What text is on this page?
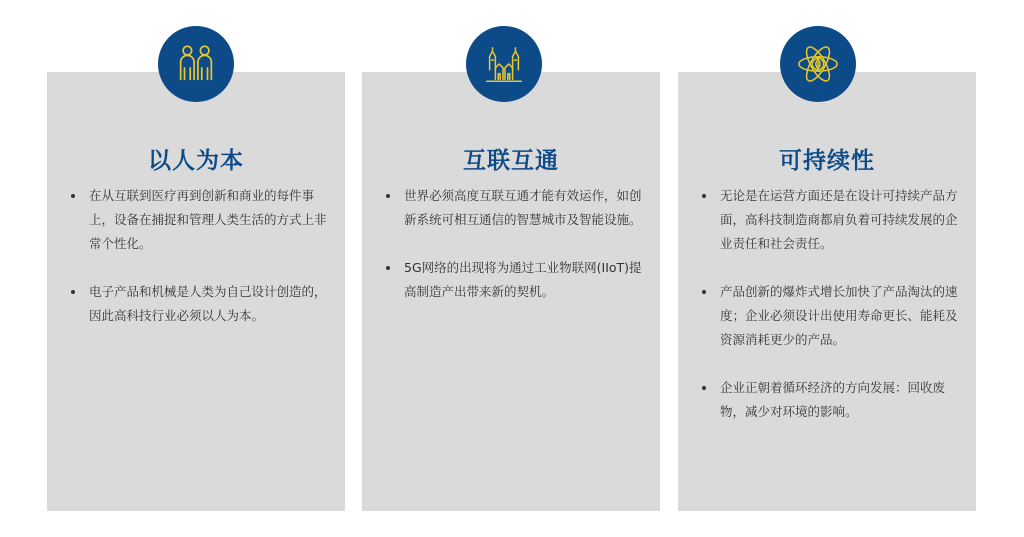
以人为本
在从互联到医疗再到创新和商业的每件事上，设备在捕捉和管理人类生活的方式上非常个性化。
电子产品和机械是人类为自己设计创造的，因此高科技行业必须以人为本。
互联互通
世界必须高度互联互通才能有效运作，如创新系统可相互通信的智慧城市及智能设施。
5G网络的出现将为通过工业物联网(IIoT)提高制造产出带来新的契机。
可持续性
无论是在运营方面还是在设计可持续产品方面，高科技制造商都肩负着可持续发展的企业责任和社会责任。
产品创新的爆炸式增长加快了产品淘汰的速度；企业必须设计出使用寿命更长、能耗及资源消耗更少的产品。
企业正朝着循环经济的方向发展：回收废物，减少对环境的影响。
